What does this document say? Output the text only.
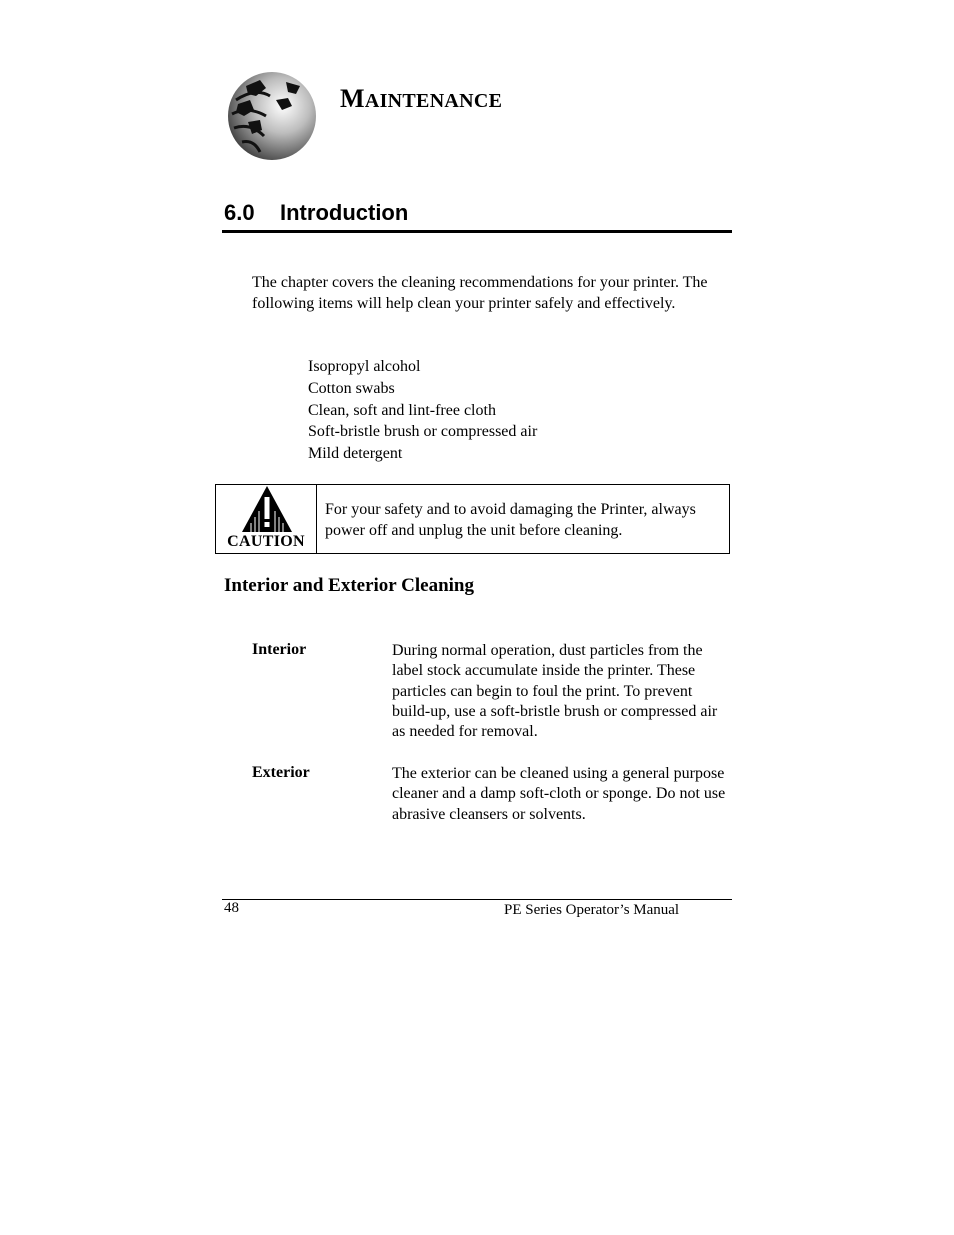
MAINTENANCE
6.0 Introduction
The chapter covers the cleaning recommendations for your printer. The following items will help clean your printer safely and effectively.
Isopropyl alcohol
Cotton swabs
Clean, soft and lint-free cloth
Soft-bristle brush or compressed air
Mild detergent
CAUTION
For your safety and to avoid damaging the Printer, always power off and unplug the unit before cleaning.
Interior and Exterior Cleaning
Interior	During normal operation, dust particles from the label stock accumulate inside the printer. These particles can begin to foul the print. To prevent build-up, use a soft-bristle brush or compressed air as needed for removal.
Exterior	The exterior can be cleaned using a general purpose cleaner and a damp soft-cloth or sponge. Do not use abrasive cleansers or solvents.
48	PE Series Operator’s Manual
